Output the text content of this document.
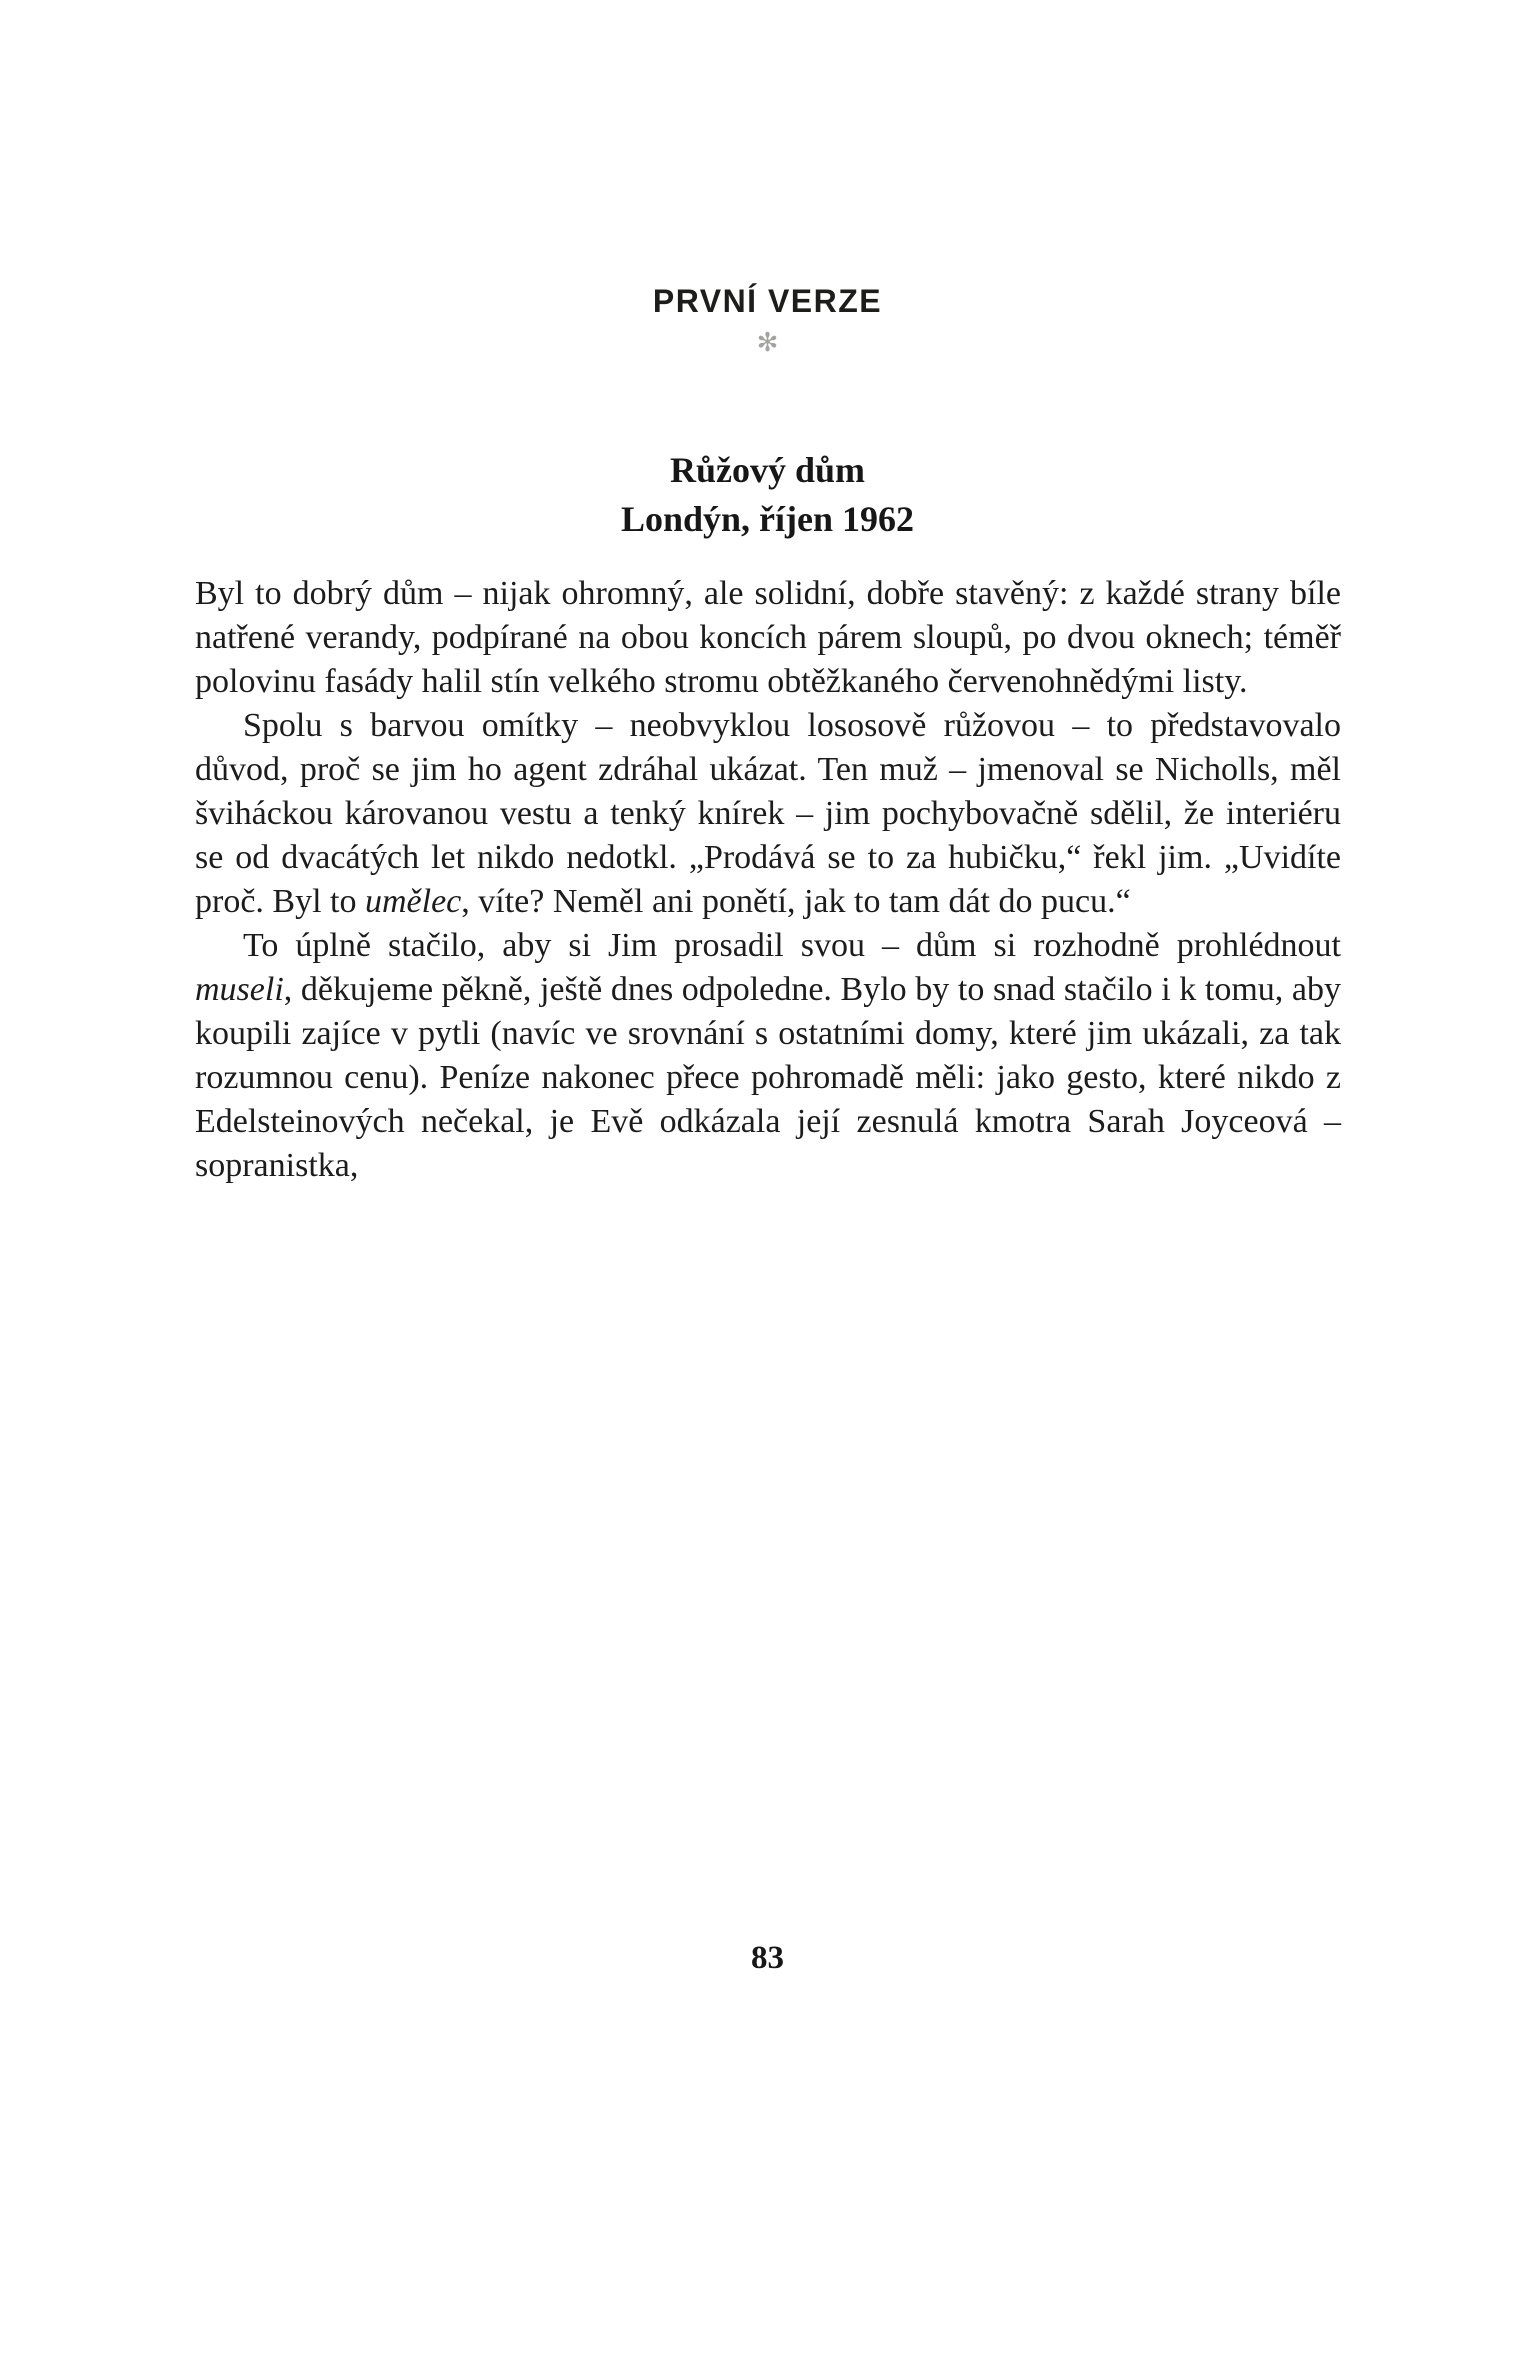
PRVNÍ VERZE
✻
Růžový dům
Londýn, říjen 1962

Byl to dobrý dům – nijak ohromný, ale solidní, dobře stavěný: z každé strany bíle natřené verandy, podpírané na obou koncích párem sloupů, po dvou oknech; téměř polovinu fasády halil stín velkého stromu obtěžkaného červenohnědými listy.

Spolu s barvou omítky – neobvyklou lososově růžovou – to představovalo důvod, proč se jim ho agent zdráhal ukázat. Ten muž – jmenoval se Nicholls, měl šviháckou károvanou vestu a tenký knírek – jim pochybovačně sdělil, že interiéru se od dvacátých let nikdo nedotkl. „Prodává se to za hubičku,“ řekl jim. „Uvidíte proč. Byl to umělec, víte? Neměl ani ponětí, jak to tam dát do pucu.“

To úplně stačilo, aby si Jim prosadil svou – dům si rozhodně prohlédnout museli, děkujeme pěkně, ještě dnes odpoledne. Bylo by to snad stačilo i k tomu, aby koupili zajíce v pytli (navíc ve srovnání s ostatními domy, které jim ukázali, za tak rozumnou cenu). Peníze nakonec přece pohromadě měli: jako gesto, které nikdo z Edelsteinových nečekal, je Evě odkázala její zesnulá kmotra Sarah Joyceová – sopranistka,

83
